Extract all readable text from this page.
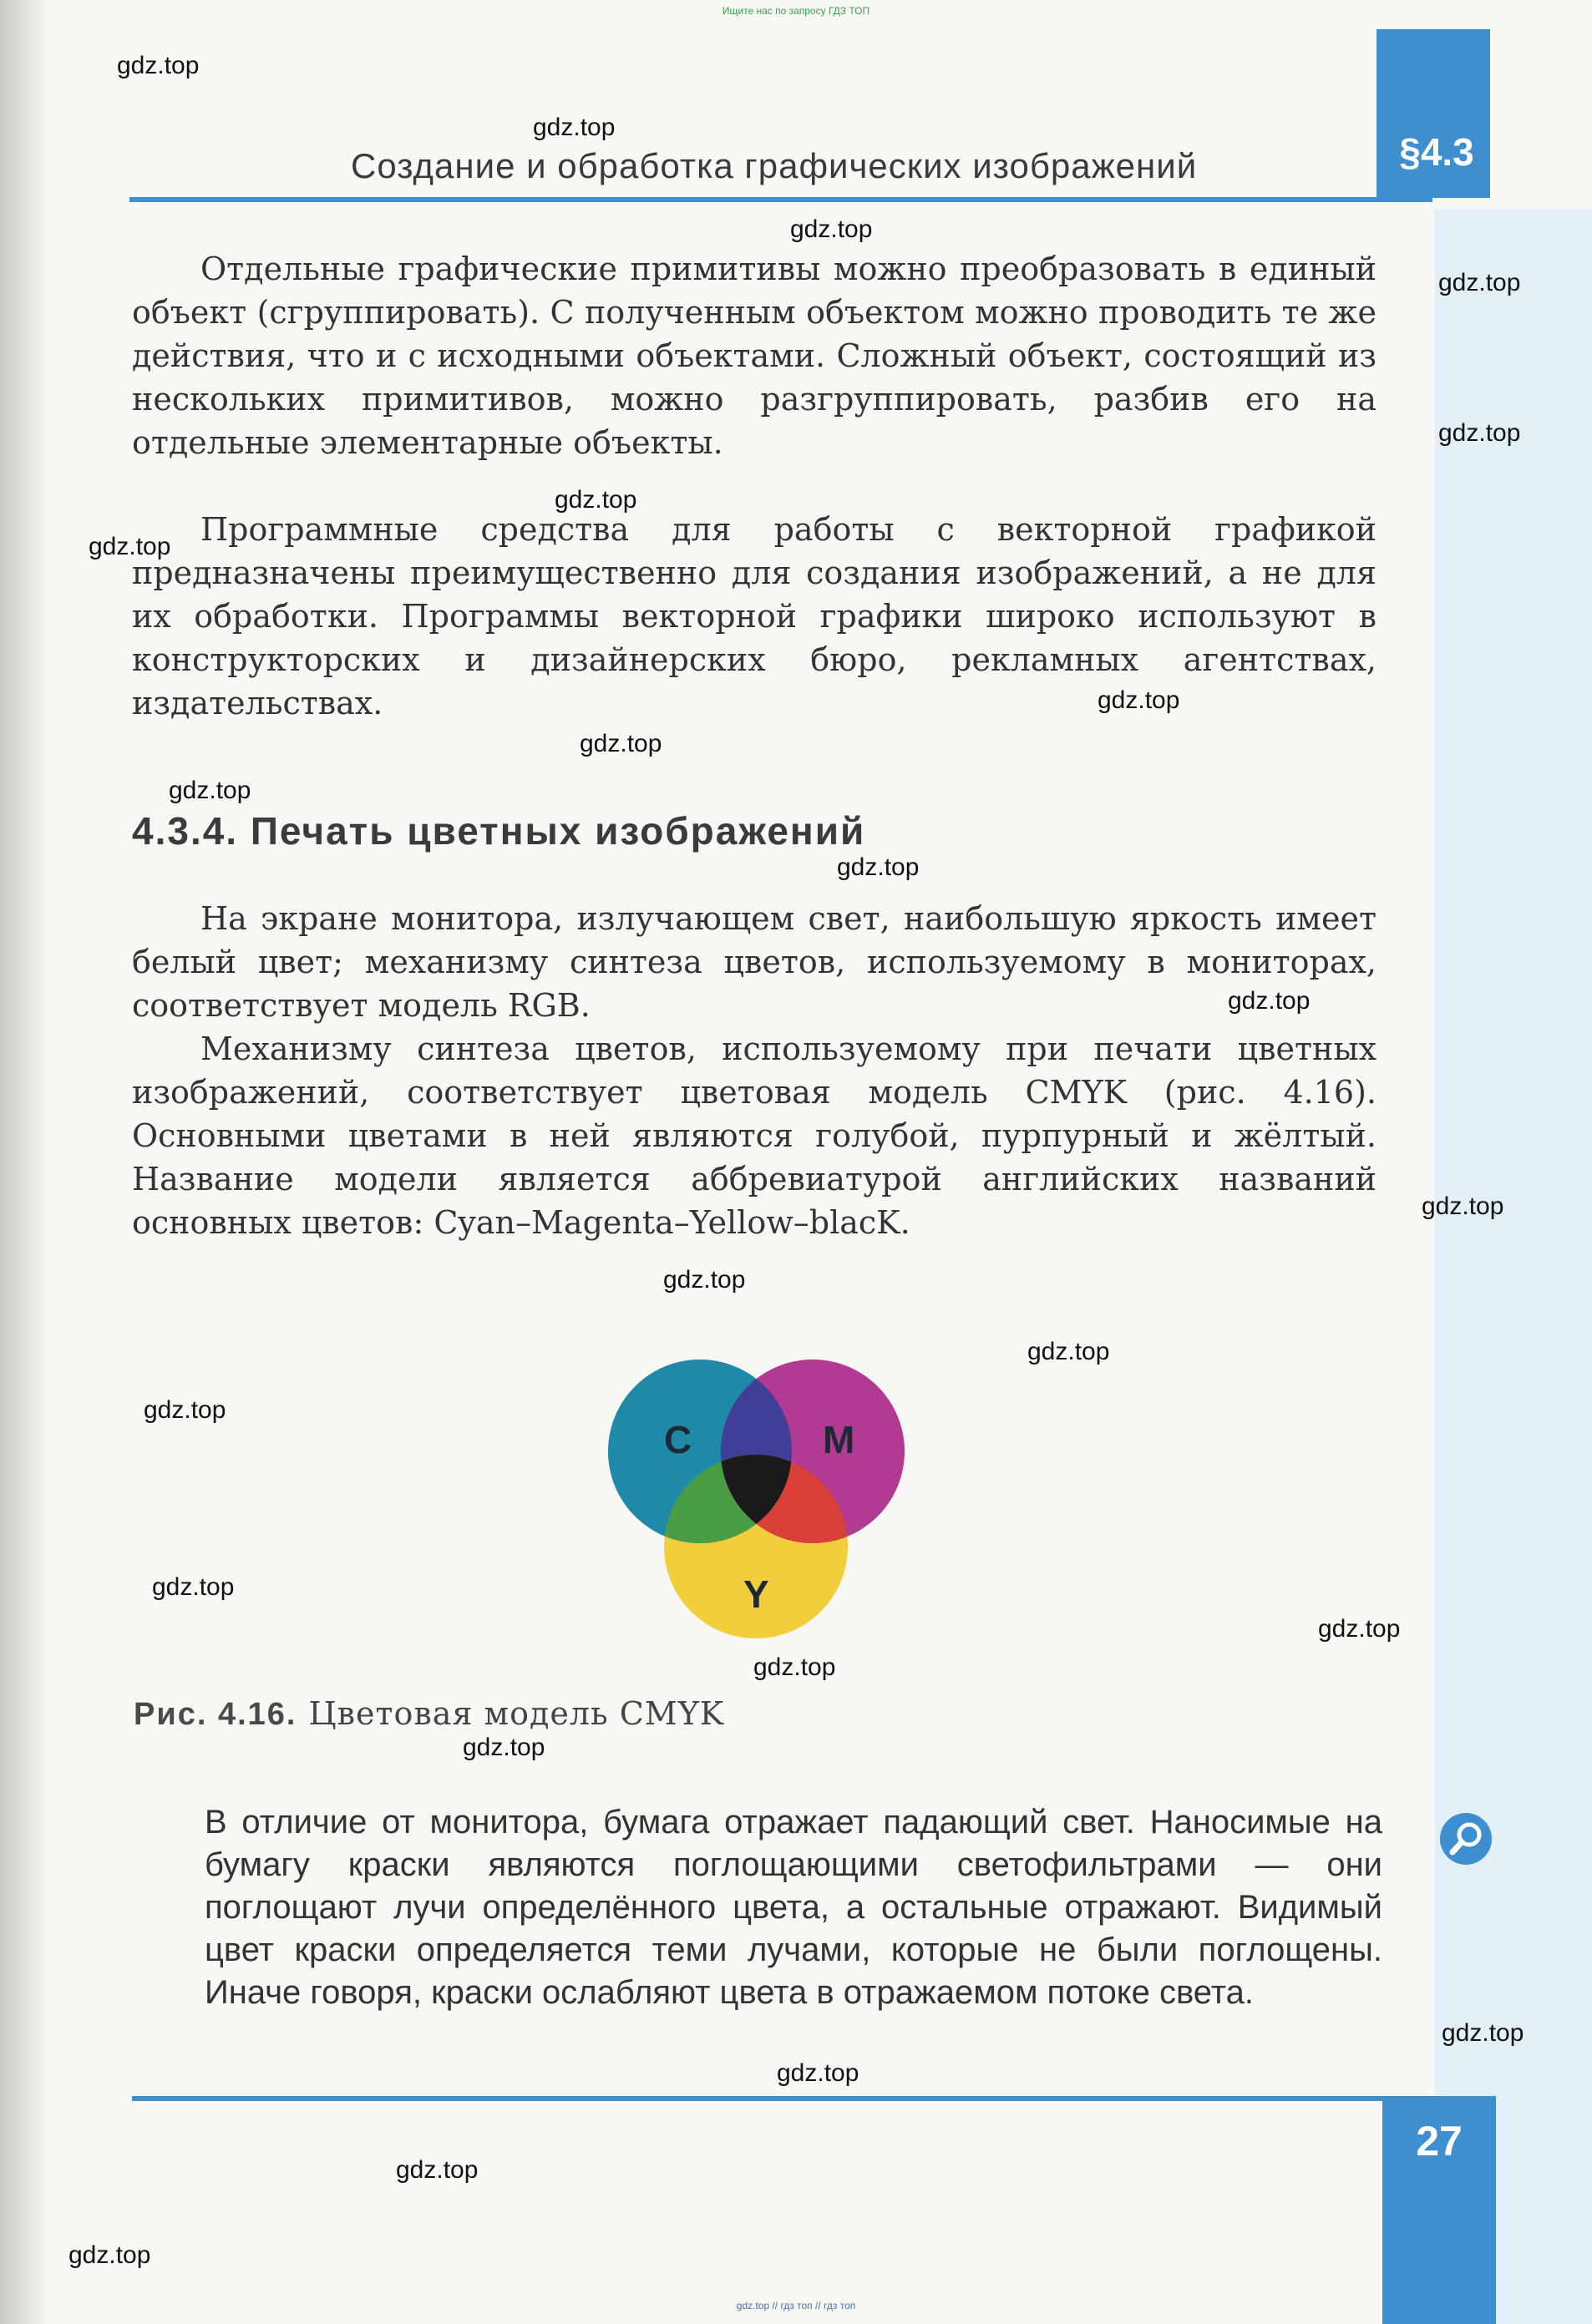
Ищите нас по запросу ГДЗ ТОП
§4.3
Создание и обработка графических изображений

Отдельные графические примитивы можно преобразовать в единый объект (сгруппировать). С полученным объектом можно проводить те же действия, что и с исходными объектами. Сложный объект, состоящий из нескольких примитивов, можно разгруппировать, разбив его на отдельные элементарные объекты.

Программные средства для работы с векторной графикой предназначены преимущественно для создания изображений, а не для их обработки. Программы векторной графики широко используют в конструкторских и дизайнерских бюро, рекламных агентствах, издательствах.

4.3.4. Печать цветных изображений

На экране монитора, излучающем свет, наибольшую яркость имеет белый цвет; механизму синтеза цветов, используемому в мониторах, соответствует модель RGB.

Механизму синтеза цветов, используемому при печати цветных изображений, соответствует цветовая модель CMYK (рис. 4.16). Основными цветами в ней являются голубой, пурпурный и жёлтый. Название модели является аббревиатурой английских названий основных цветов: Cyan–Magenta–Yellow–blacK.

C	M
Y
Рис. 4.16. Цветовая модель CMYK

В отличие от монитора, бумага отражает падающий свет. Наносимые на бумагу краски являются поглощающими светофильтрами — они поглощают лучи определённого цвета, а остальные отражают. Видимый цвет краски определяется теми лучами, которые не были поглощены. Иначе говоря, краски ослабляют цвета в отражаемом потоке света.

27
gdz.top // гдз топ // гдз топ
gdz.top
gdz.top
gdz.top
gdz.top
gdz.top
gdz.top
gdz.top
gdz.top
gdz.top
gdz.top
gdz.top
gdz.top
gdz.top
gdz.top
gdz.top
gdz.top
gdz.top
gdz.top
gdz.top
gdz.top
gdz.top
gdz.top
gdz.top
gdz.top
